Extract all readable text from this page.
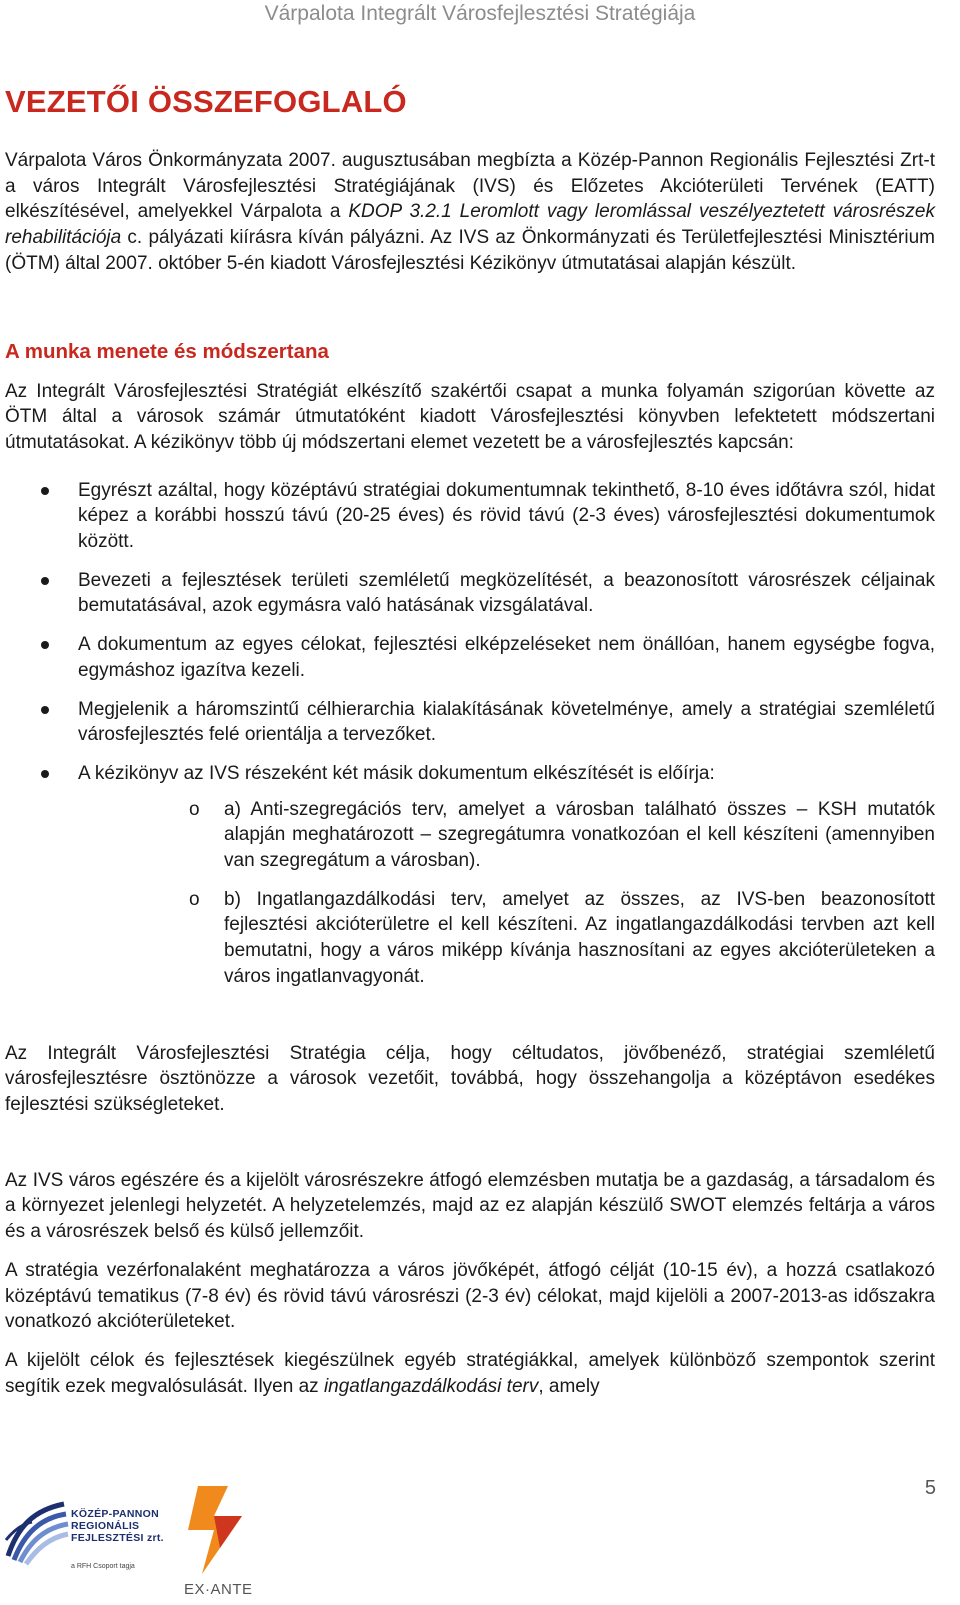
Várpalota Integrált Városfejlesztési Stratégiája
VEZETŐI ÖSSZEFOGLALÓ

Várpalota Város Önkormányzata 2007. augusztusában megbízta a Közép-Pannon Regionális Fejlesztési Zrt-t a város Integrált Városfejlesztési Stratégiájának (IVS) és Előzetes Akcióterületi Tervének (EATT) elkészítésével, amelyekkel Várpalota a KDOP 3.2.1 Leromlott vagy leromlással veszélyeztetett városrészek rehabilitációja c. pályázati kiírásra kíván pályázni. Az IVS az Önkormányzati és Területfejlesztési Minisztérium (ÖTM) által 2007. október 5-én kiadott Városfejlesztési Kézikönyv útmutatásai alapján készült.

A munka menete és módszertana

Az Integrált Városfejlesztési Stratégiát elkészítő szakértői csapat a munka folyamán szigorúan követte az ÖTM által a városok számár útmutatóként kiadott Városfejlesztési könyvben lefektetett módszertani útmutatásokat. A kézikönyv több új módszertani elemet vezetett be a városfejlesztés kapcsán:

Egyrészt azáltal, hogy középtávú stratégiai dokumentumnak tekinthető, 8-10 éves időtávra szól, hidat képez a korábbi hosszú távú (20-25 éves) és rövid távú (2-3 éves) városfejlesztési dokumentumok között.
Bevezeti a fejlesztések területi szemléletű megközelítését, a beazonosított városrészek céljainak bemutatásával, azok egymásra való hatásának vizsgálatával.
A dokumentum az egyes célokat, fejlesztési elképzeléseket nem önállóan, hanem egységbe fogva, egymáshoz igazítva kezeli.
Megjelenik a háromszintű célhierarchia kialakításának követelménye, amely a stratégiai szemléletű városfejlesztés felé orientálja a tervezőket.
A kézikönyv az IVS részeként két másik dokumentum elkészítését is előírja:
o a) Anti-szegregációs terv, amelyet a városban található összes – KSH mutatók alapján meghatározott – szegregátumra vonatkozóan el kell készíteni (amennyiben van szegregátum a városban).
o b) Ingatlangazdálkodási terv, amelyet az összes, az IVS-ben beazonosított fejlesztési akcióterületre el kell készíteni. Az ingatlangazdálkodási tervben azt kell bemutatni, hogy a város miképp kívánja hasznosítani az egyes akcióterületeken a város ingatlanvagyonát.

Az Integrált Városfejlesztési Stratégia célja, hogy céltudatos, jövőbenéző, stratégiai szemléletű városfejlesztésre ösztönözze a városok vezetőit, továbbá, hogy összehangolja a középtávon esedékes fejlesztési szükségleteket.

Az IVS város egészére és a kijelölt városrészekre átfogó elemzésben mutatja be a gazdaság, a társadalom és a környezet jelenlegi helyzetét. A helyzetelemzés, majd az ez alapján készülő SWOT elemzés feltárja a város és a városrészek belső és külső jellemzőit.

A stratégia vezérfonalaként meghatározza a város jövőképét, átfogó célját (10-15 év), a hozzá csatlakozó középtávú tematikus (7-8 év) és rövid távú városrészi (2-3 év) célokat, majd kijelöli a 2007-2013-as időszakra vonatkozó akcióterületeket.

A kijelölt célok és fejlesztések kiegészülnek egyéb stratégiákkal, amelyek különböző szempontok szerint segítik ezek megvalósulását. Ilyen az ingatlangazdálkodási terv, amely

5
KÖZÉP-PANNON
REGIONÁLIS
FEJLESZTÉSI zrt.
a RFH Csoport tagja
EX·ANTE
